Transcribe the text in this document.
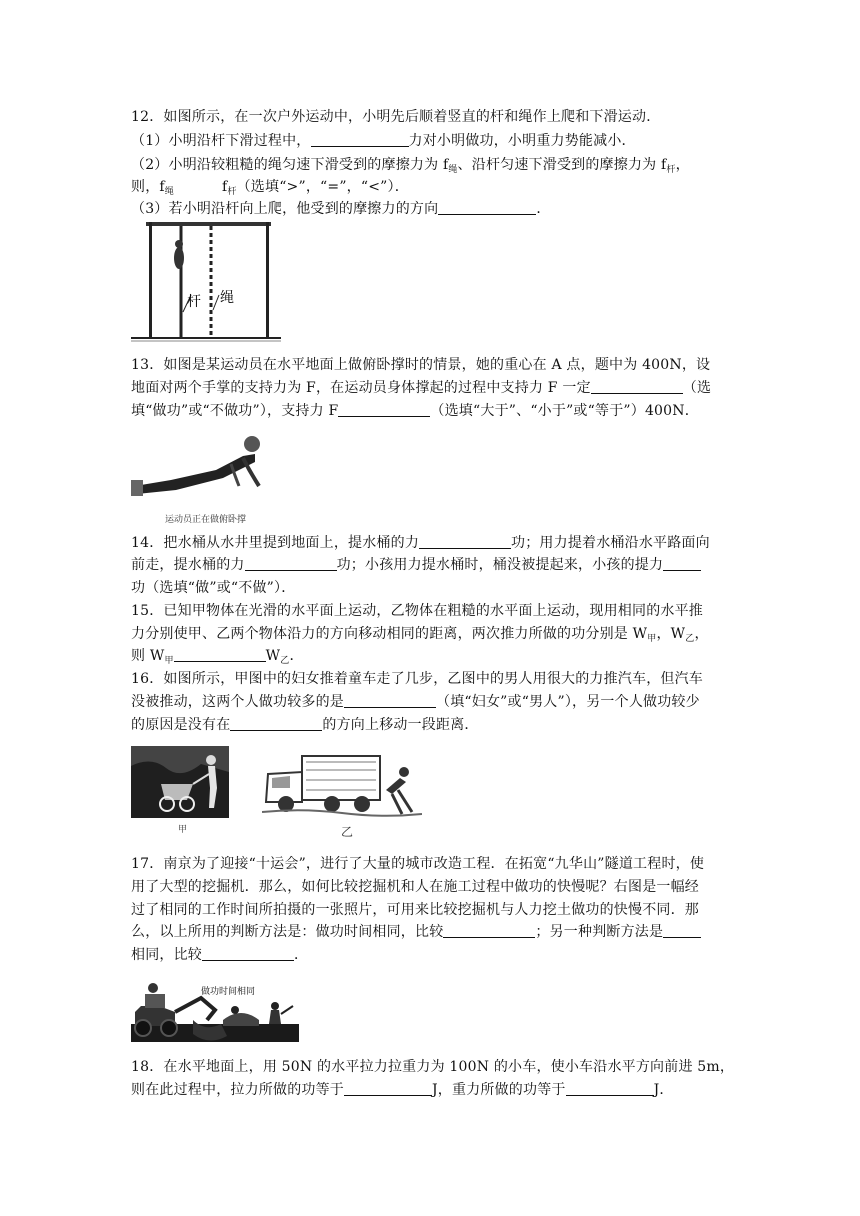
12．如图所示，在一次户外运动中，小明先后顺着竖直的杆和绳作上爬和下滑运动．
（1）小明沿杆下滑过程中，	力对小明做功，小明重力势能减小．
（2）小明沿较粗糙的绳匀速下滑受到的摩擦力为 $f_绳$、沿杆匀速下滑受到的摩擦力为 $f_杆$，
则，$f_绳$	$f_杆$（选填“>”，“=”，“<”）．
（3）若小明沿杆向上爬，他受到的摩擦力的方向	．
杆 绳
13．如图是某运动员在水平地面上做俯卧撑时的情景，她的重心在 A 点，题中为 400N，设
地面对两个手掌的支持力为 F，在运动员身体撑起的过程中支持力 F 一定	（选
填“做功”或“不做功”），支持力 F	（选填“大于”、“小于”或“等于”）400N．
运动员正在做俯卧撑
14．把水桶从水井里提到地面上，提水桶的力	功；用力提着水桶沿水平路面向
前走，提水桶的力	功；小孩用力提水桶时，桶没被提起来，小孩的提力
功（选填“做”或“不做”）．
15．已知甲物体在光滑的水平面上运动，乙物体在粗糙的水平面上运动，现用相同的水平推
力分别使甲、乙两个物体沿力的方向移动相同的距离，两次推力所做的功分别是 $W_甲$，$W_乙$，
则 $W_甲$	$W_乙$．
16．如图所示，甲图中的妇女推着童车走了几步，乙图中的男人用很大的力推汽车，但汽车
没被推动，这两个人做功较多的是	（填“妇女”或“男人”），另一个人做功较少
的原因是没有在	的方向上移动一段距离．
甲	乙
17．南京为了迎接“十运会”，进行了大量的城市改造工程．在拓宽“九华山”隧道工程时，使
用了大型的挖掘机．那么，如何比较挖掘机和人在施工过程中做功的快慢呢？右图是一幅经
过了相同的工作时间所拍摄的一张照片，可用来比较挖掘机与人力挖土做功的快慢不同．那
么，以上所用的判断方法是：做功时间相同，比较	；另一种判断方法是
相同，比较	．
做功时间相同
18．在水平地面上，用 50N 的水平拉力拉重力为 100N 的小车，使小车沿水平方向前进 5m，
则在此过程中，拉力所做的功等于	J，重力所做的功等于	J．
